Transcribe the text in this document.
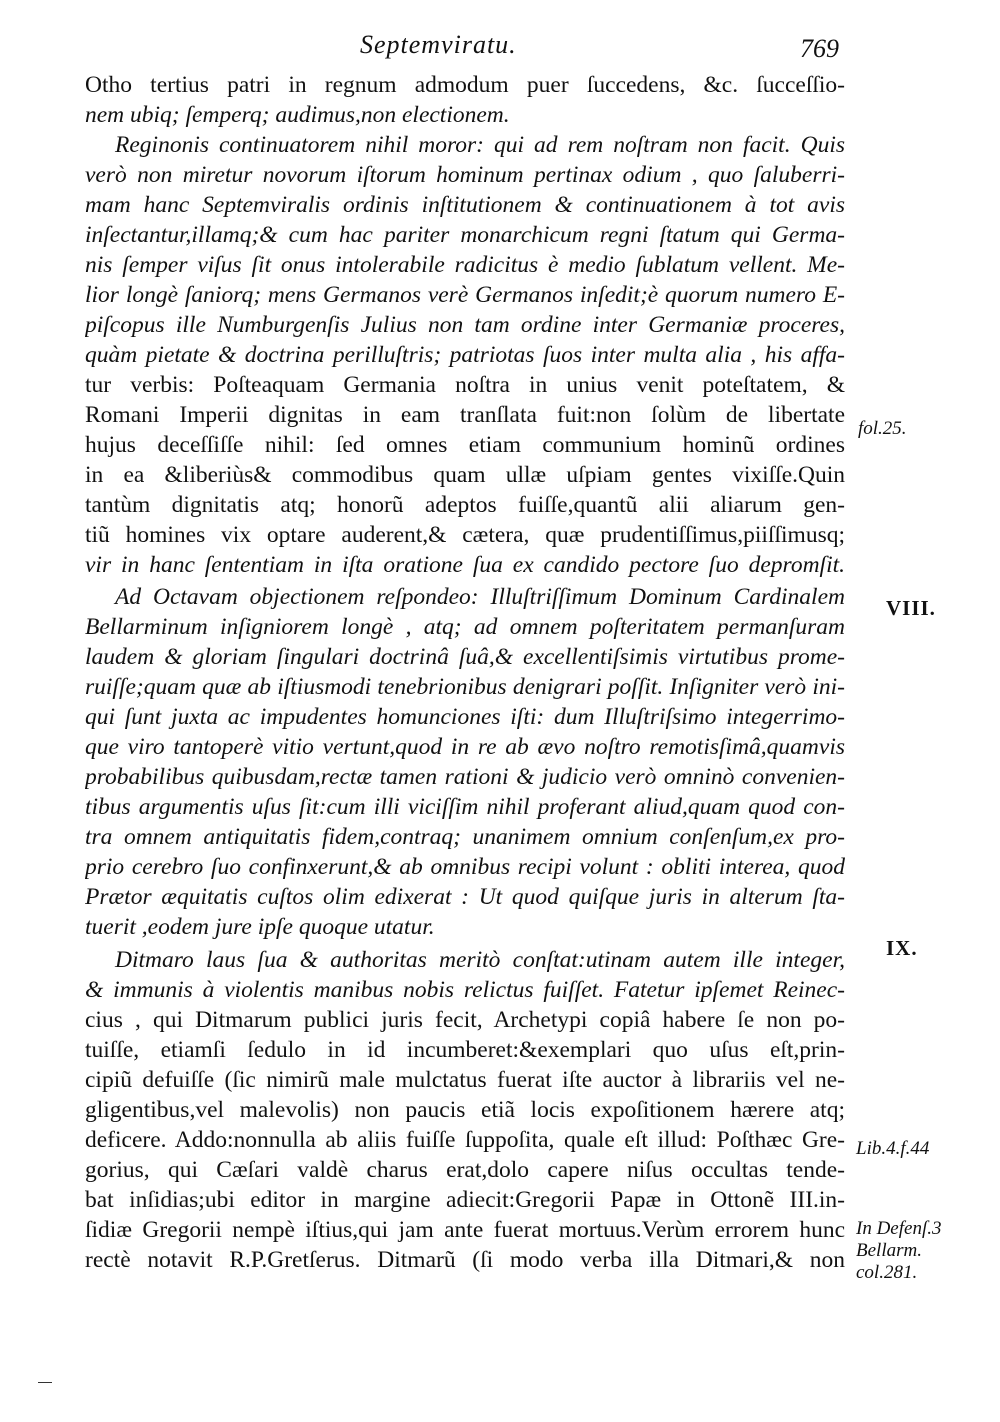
Septemviratu.	769
Otho tertius patri in regnum admodum puer ſuccedens, &c. ſucceſſio-
nem ubiq; ſemperq; audimus,non electionem.
Reginonis continuatorem nihil moror: qui ad rem noſtram non facit. Quis
verò non miretur novorum iſtorum hominum pertinax odium , quo ſaluberri-
mam hanc Septemviralis ordinis inſtitutionem & continuationem à tot avis
inſectantur,illamq;& cum hac pariter monarchicum regni ſtatum qui Germa-
nis ſemper viſus ſit onus intolerabile radicitus è medio ſublatum vellent. Me-
lior longè ſaniorq; mens Germanos verè Germanos inſedit;è quorum numero E-
piſcopus ille Numburgenſis Julius non tam ordine inter Germaniæ proceres,
quàm pietate & doctrina perilluſtris; patriotas ſuos inter multa alia , his affa-
tur verbis: Poſteaquam Germania noſtra in unius venit poteſtatem, &
Romani Imperii dignitas in eam tranſlata fuit:non ſolùm de libertate
hujus deceſſiſſe nihil: ſed omnes etiam communium hominũ ordines
in ea &liberiùs& commodibus quam ullæ uſpiam gentes vixiſſe.Quin
tantùm dignitatis atq; honorũ adeptos fuiſſe,quantũ alii aliarum gen-
tiũ homines vix optare auderent,& cætera, quæ prudentiſſimus,piiſſimusq;
vir in hanc ſententiam in iſta oratione ſua ex candido pectore ſuo depromſit.
Ad Octavam objectionem reſpondeo: Illuſtriſſimum Dominum Cardinalem
Bellarminum inſigniorem longè , atq; ad omnem poſteritatem permanſuram
laudem & gloriam ſingulari doctrinâ ſuâ,& excellentiſsimis virtutibus prome-
ruiſſe;quam quæ ab iſtiusmodi tenebrionibus denigrari poſſit. Inſigniter verò ini-
qui ſunt juxta ac impudentes homunciones iſti: dum Illuſtriſsimo integerrimo-
que viro tantoperè vitio vertunt,quod in re ab ævo noſtro remotisſimâ,quamvis
probabilibus quibusdam,rectæ tamen rationi & judicio verò omninò convenien-
tibus argumentis uſus ſit:cum illi viciſſim nihil proferant aliud,quam quod con-
tra omnem antiquitatis fidem,contraq; unanimem omnium conſenſum,ex pro-
prio cerebro ſuo confinxerunt,& ab omnibus recipi volunt : obliti interea, quod
Prætor æquitatis cuſtos olim edixerat : Ut quod quiſque juris in alterum ſta-
tuerit ,eodem jure ipſe quoque utatur.
Ditmaro laus ſua & authoritas meritò conſtat:utinam autem ille integer,
& immunis à violentis manibus nobis relictus fuiſſet. Fatetur ipſemet Reinec-
cius , qui Ditmarum publici juris fecit, Archetypi copiâ habere ſe non po-
tuiſſe, etiamſi ſedulo in id incumberet:&exemplari quo uſus eſt,prin-
cipiũ defuiſſe (ſic nimirũ male mulctatus fuerat iſte auctor à librariis vel ne-
gligentibus,vel malevolis) non paucis etiã locis expoſitionem hærere atq;
deficere. Addo:nonnulla ab aliis fuiſſe ſuppoſita, quale eſt illud: Poſthæc Gre-
gorius, qui Cæſari valdè charus erat,dolo capere niſus occultas tende-
bat inſidias;ubi editor in margine adiecit:Gregorii Papæ in Ottonẽ III.in-
ſidiæ Gregorii nempè iſtius,qui jam ante fuerat mortuus.Verùm errorem hunc
rectè notavit R.P.Gretſerus. Ditmarũ (ſi modo verba illa Ditmari,& non
fol.25.
VIII.
IX.
Lib.4.f.44
In Defenſ.3
Bellarm.
col.281.
